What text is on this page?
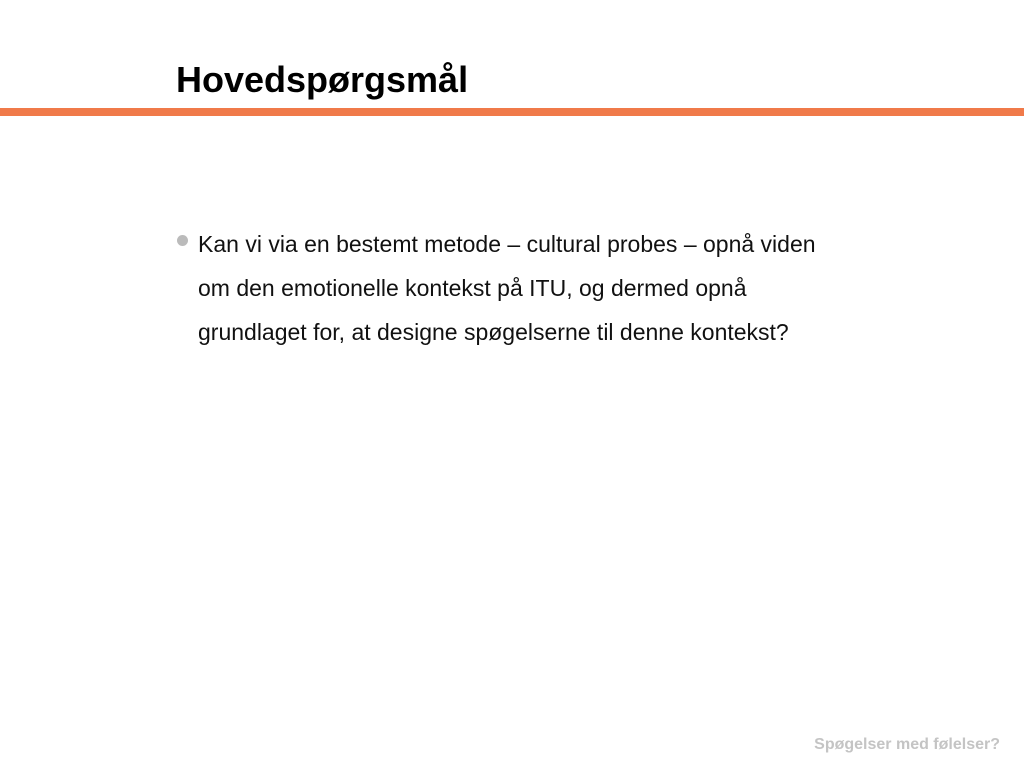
Hovedspørgsmål
Kan vi via en bestemt metode – cultural probes – opnå viden om den emotionelle kontekst på ITU, og dermed opnå grundlaget for, at designe spøgelserne til denne kontekst?
Spøgelser med følelser?
